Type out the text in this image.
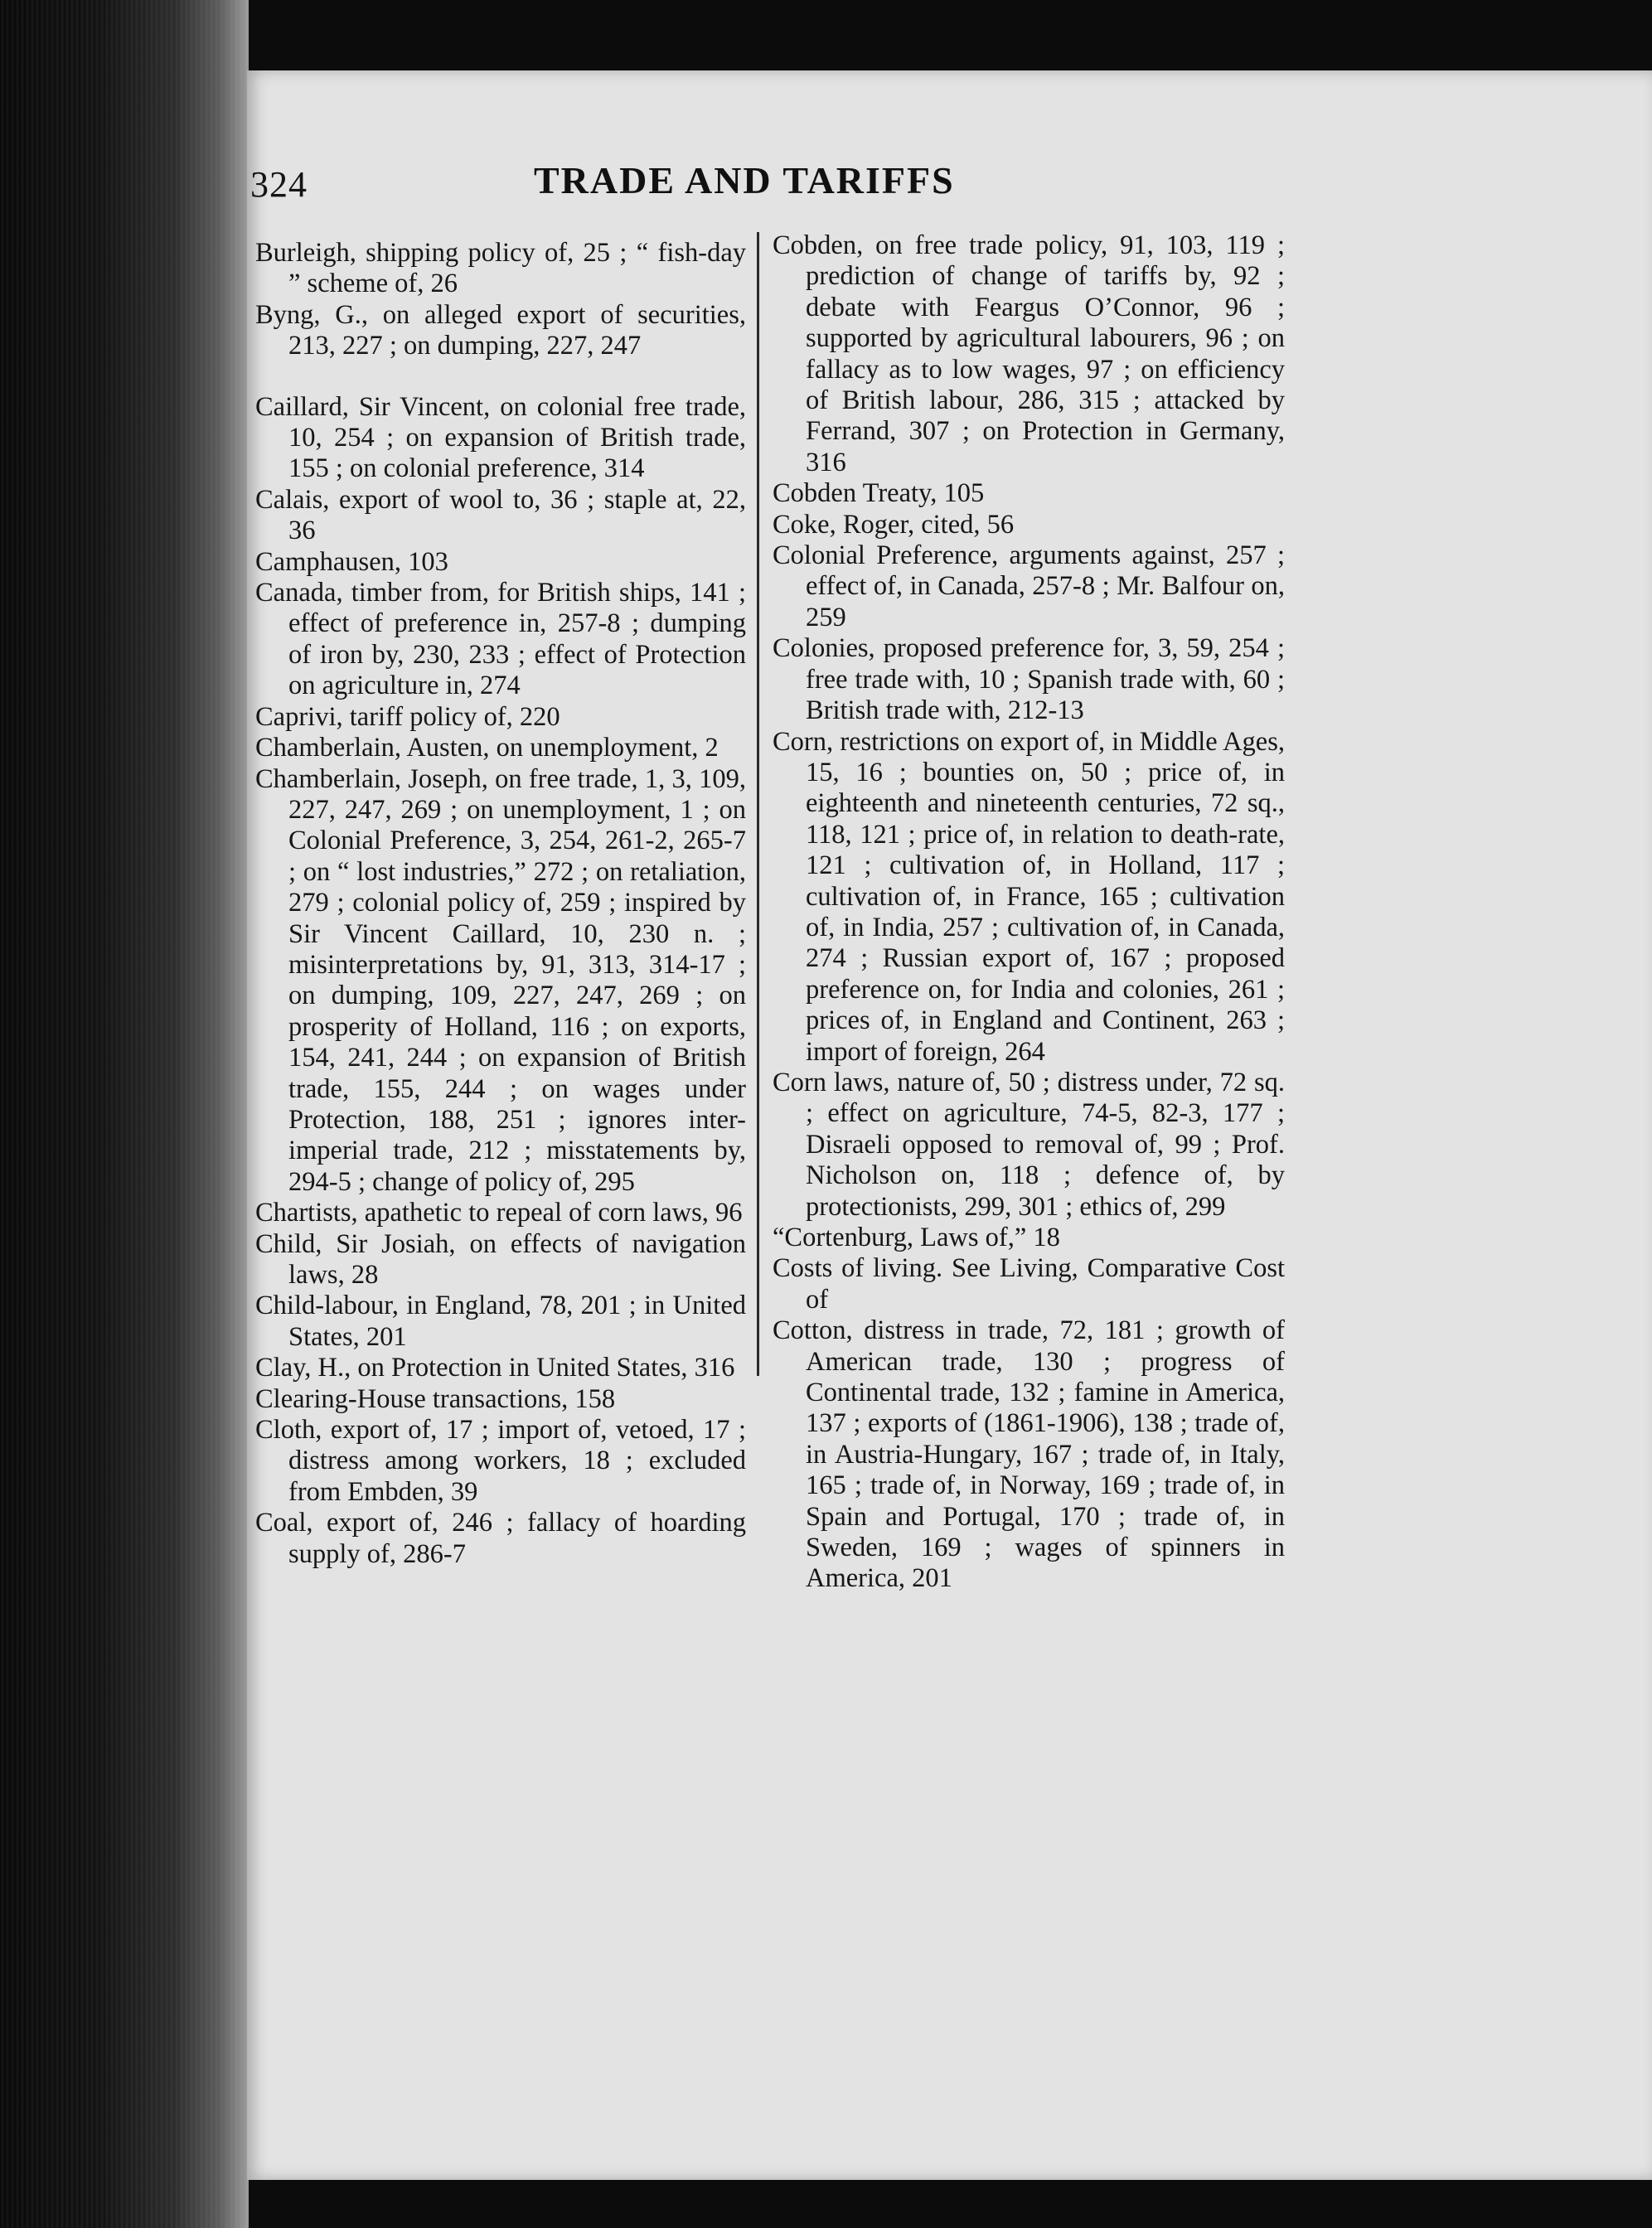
324	TRADE AND TARIFFS

Burleigh, shipping policy of, 25 ; “ fish-day ” scheme of, 26

Byng, G., on alleged export of securities, 213, 227 ; on dumping, 227, 247

Caillard, Sir Vincent, on colonial free trade, 10, 254 ; on expansion of British trade, 155 ; on colonial preference, 314

Calais, export of wool to, 36 ; staple at, 22, 36

Camphausen, 103

Canada, timber from, for British ships, 141 ; effect of preference in, 257-8 ; dumping of iron by, 230, 233 ; effect of Protection on agriculture in, 274

Caprivi, tariff policy of, 220

Chamberlain, Austen, on unemployment, 2

Chamberlain, Joseph, on free trade, 1, 3, 109, 227, 247, 269 ; on unemployment, 1 ; on Colonial Preference, 3, 254, 261-2, 265-7 ; on “ lost industries,” 272 ; on retaliation, 279 ; colonial policy of, 259 ; inspired by Sir Vincent Caillard, 10, 230 n. ; misinterpretations by, 91, 313, 314-17 ; on dumping, 109, 227, 247, 269 ; on prosperity of Holland, 116 ; on exports, 154, 241, 244 ; on expansion of British trade, 155, 244 ; on wages under Protection, 188, 251 ; ignores inter-imperial trade, 212 ; misstatements by, 294-5 ; change of policy of, 295

Chartists, apathetic to repeal of corn laws, 96

Child, Sir Josiah, on effects of navigation laws, 28

Child-labour, in England, 78, 201 ; in United States, 201

Clay, H., on Protection in United States, 316

Clearing-House transactions, 158

Cloth, export of, 17 ; import of, vetoed, 17 ; distress among workers, 18 ; excluded from Embden, 39

Coal, export of, 246 ; fallacy of hoarding supply of, 286-7

Cobden, on free trade policy, 91, 103, 119 ; prediction of change of tariffs by, 92 ; debate with Feargus O’Connor, 96 ; supported by agricultural labourers, 96 ; on fallacy as to low wages, 97 ; on efficiency of British labour, 286, 315 ; attacked by Ferrand, 307 ; on Protection in Germany, 316

Cobden Treaty, 105

Coke, Roger, cited, 56

Colonial Preference, arguments against, 257 ; effect of, in Canada, 257-8 ; Mr. Balfour on, 259

Colonies, proposed preference for, 3, 59, 254 ; free trade with, 10 ; Spanish trade with, 60 ; British trade with, 212-13

Corn, restrictions on export of, in Middle Ages, 15, 16 ; bounties on, 50 ; price of, in eighteenth and nineteenth centuries, 72 sq., 118, 121 ; price of, in relation to death-rate, 121 ; cultivation of, in Holland, 117 ; cultivation of, in France, 165 ; cultivation of, in India, 257 ; cultivation of, in Canada, 274 ; Russian export of, 167 ; proposed preference on, for India and colonies, 261 ; prices of, in England and Continent, 263 ; import of foreign, 264

Corn laws, nature of, 50 ; distress under, 72 sq. ; effect on agriculture, 74-5, 82-3, 177 ; Disraeli opposed to removal of, 99 ; Prof. Nicholson on, 118 ; defence of, by protectionists, 299, 301 ; ethics of, 299

“Cortenburg, Laws of,” 18

Costs of living. See Living, Comparative Cost of

Cotton, distress in trade, 72, 181 ; growth of American trade, 130 ; progress of Continental trade, 132 ; famine in America, 137 ; exports of (1861-1906), 138 ; trade of, in Austria-Hungary, 167 ; trade of, in Italy, 165 ; trade of, in Norway, 169 ; trade of, in Spain and Portugal, 170 ; trade of, in Sweden, 169 ; wages of spinners in America, 201
